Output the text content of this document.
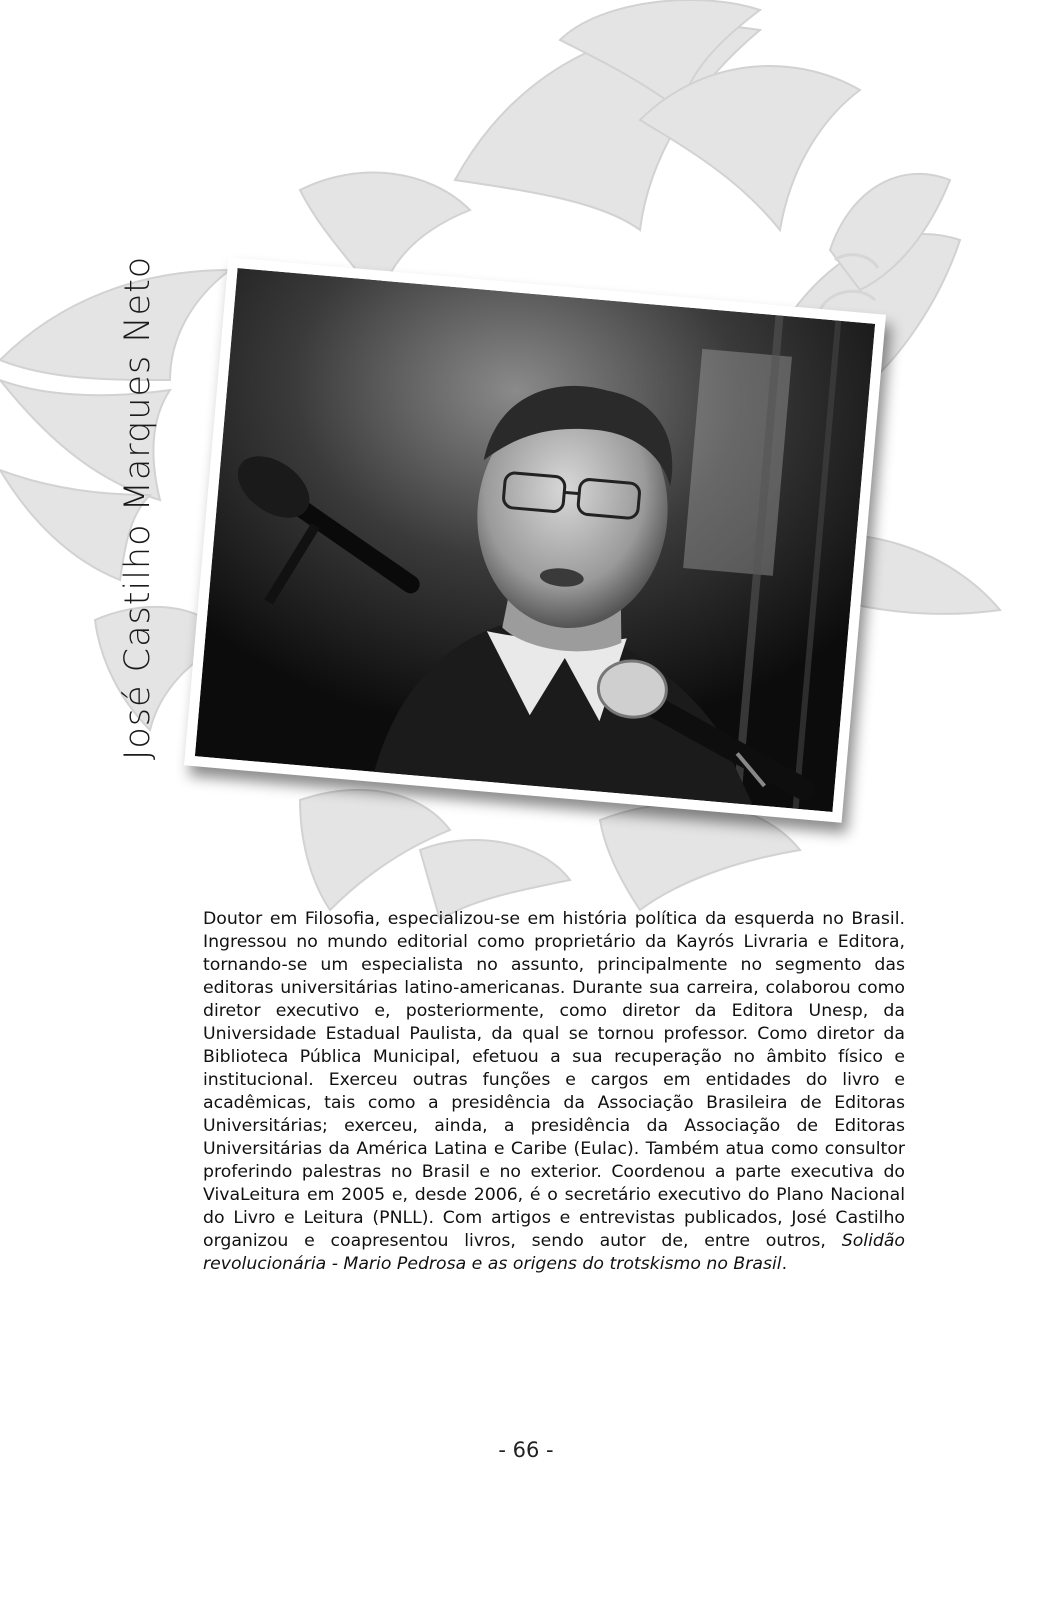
José Castilho Marques Neto
Doutor em Filosofia, especializou-se em história política da esquerda no Brasil. Ingressou no mundo editorial como proprietário da Kayrós Livraria e Editora, tornando-se um especialista no assunto, principalmente no segmento das editoras universitárias latino-americanas. Durante sua carreira, colaborou como diretor executivo e, posteriormente, como diretor da Editora Unesp, da Universidade Estadual Paulista, da qual se tornou professor. Como diretor da Biblioteca Pública Municipal, efetuou a sua recuperação no âmbito físico e institucional. Exerceu outras funções e cargos em entidades do livro e acadêmicas, tais como a presidência da Associação Brasileira de Editoras Universitárias; exerceu, ainda, a presidência da Associação de Editoras Universitárias da América Latina e Caribe (Eulac). Também atua como consultor proferindo palestras no Brasil e no exterior. Coordenou a parte executiva do VivaLeitura em 2005 e, desde 2006, é o secretário executivo do Plano Nacional do Livro e Leitura (PNLL). Com artigos e entrevistas publicados, José Castilho organizou e coapresentou livros, sendo autor de, entre outros, Solidão revolucionária - Mario Pedrosa e as origens do trotskismo no Brasil.
- 66 -
